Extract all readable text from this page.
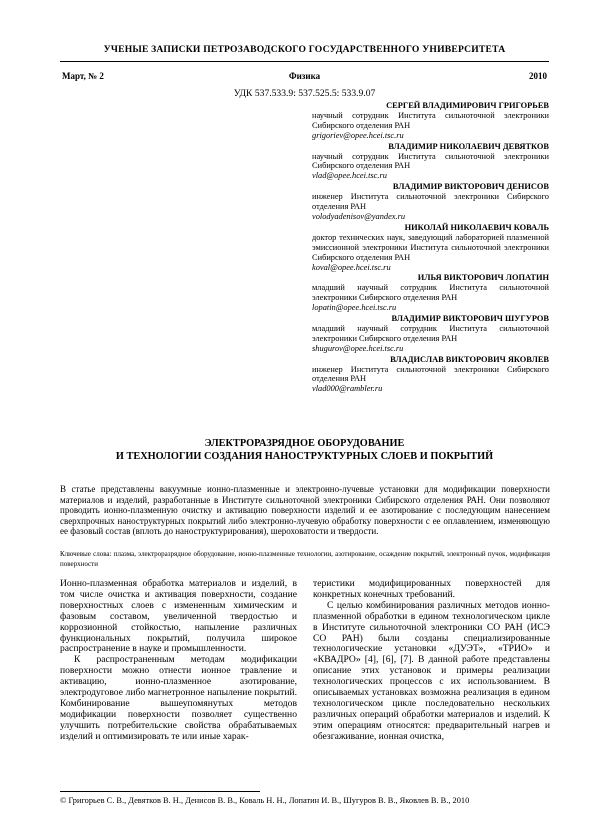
УЧЕНЫЕ ЗАПИСКИ ПЕТРОЗАВОДСКОГО ГОСУДАРСТВЕННОГО УНИВЕРСИТЕТА
Март, № 2	Физика	2010
УДК 537.533.9: 537.525.5: 533.9.07
СЕРГЕЙ ВЛАДИМИРОВИЧ ГРИГОРЬЕВ
научный сотрудник Института сильноточной электроники Сибирского отделения РАН
grigoriev@opee.hcei.tsc.ru
ВЛАДИМИР НИКОЛАЕВИЧ ДЕВЯТКОВ
научный сотрудник Института сильноточной электроники Сибирского отделения РАН
vlad@opee.hcei.tsc.ru
ВЛАДИМИР ВИКТОРОВИЧ ДЕНИСОВ
инженер Института сильноточной электроники Сибирского отделения РАН
volodyadenisov@yandex.ru
НИКОЛАЙ НИКОЛАЕВИЧ КОВАЛЬ
доктор технических наук, заведующий лабораторией плазменной эмиссионной электроники Института сильноточной электроники Сибирского отделения РАН
koval@opee.hcei.tsc.ru
ИЛЬЯ ВИКТОРОВИЧ ЛОПАТИН
младший научный сотрудник Института сильноточной электроники Сибирского отделения РАН
lopatin@opee.hcei.tsc.ru
ВЛАДИМИР ВИКТОРОВИЧ ШУГУРОВ
младший научный сотрудник Института сильноточной электроники Сибирского отделения РАН
shugurov@opee.hcei.tsc.ru
ВЛАДИСЛАВ ВИКТОРОВИЧ ЯКОВЛЕВ
инженер Института сильноточной электроники Сибирского отделения РАН
vlad000@rambler.ru
ЭЛЕКТРОРАЗРЯДНОЕ ОБОРУДОВАНИЕ
И ТЕХНОЛОГИИ СОЗДАНИЯ НАНОСТРУКТУРНЫХ СЛОЕВ И ПОКРЫТИЙ
В статье представлены вакуумные ионно-плазменные и электронно-лучевые установки для модификации поверхности материалов и изделий, разработанные в Институте сильноточной электроники Сибирского отделения РАН. Они позволяют проводить ионно-плазменную очистку и активацию поверхности изделий и ее азотирование с последующим нанесением сверхпрочных наноструктурных покрытий либо электронно-лучевую обработку поверхности с ее оплавлением, изменяющую ее фазовый состав (вплоть до наноструктурирования), шероховатости и твердости.
Ключевые слова: плазма, электроразрядное оборудование, ионно-плазменные технологии, азотирование, осаждение покрытий, электронный пучок, модификация поверхности

Ионно-плазменная обработка материалов и изделий, в том числе очистка и активация поверхности, создание поверхностных слоев с измененным химическим и фазовым составом, увеличенной твердостью и коррозионной стойкостью, напыление различных функциональных покрытий, получила широкое распространение в науке и промышленности.

К распространенным методам модификации поверхности можно отнести ионное травление и активацию, ионно-плазменное азотирование, электродуговое либо магнетронное напыление покрытий. Комбинирование вышеупомянутых методов модификации поверхности позволяет существенно улучшить потребительские свойства обрабатываемых изделий и оптимизировать те или иные харак-

теристики модифицированных поверхностей для конкретных конечных требований.

С целью комбинирования различных методов ионно-плазменной обработки в едином технологическом цикле в Институте сильноточной электроники СО РАН (ИСЭ СО РАН) были созданы специализированные технологические установки «ДУЭТ», «ТРИО» и «КВАДРО» [4], [6], [7]. В данной работе представлены описание этих установок и примеры реализации технологических процессов с их использованием. В описываемых установках возможна реализация в едином технологическом цикле последовательно нескольких различных операций обработки материалов и изделий. К этим операциям относятся: предварительный нагрев и обезгаживание, ионная очистка,

© Григорьев С. В., Девятков В. Н., Денисов В. В., Коваль Н. Н., Лопатин И. В., Шугуров В. В., Яковлев В. В., 2010
